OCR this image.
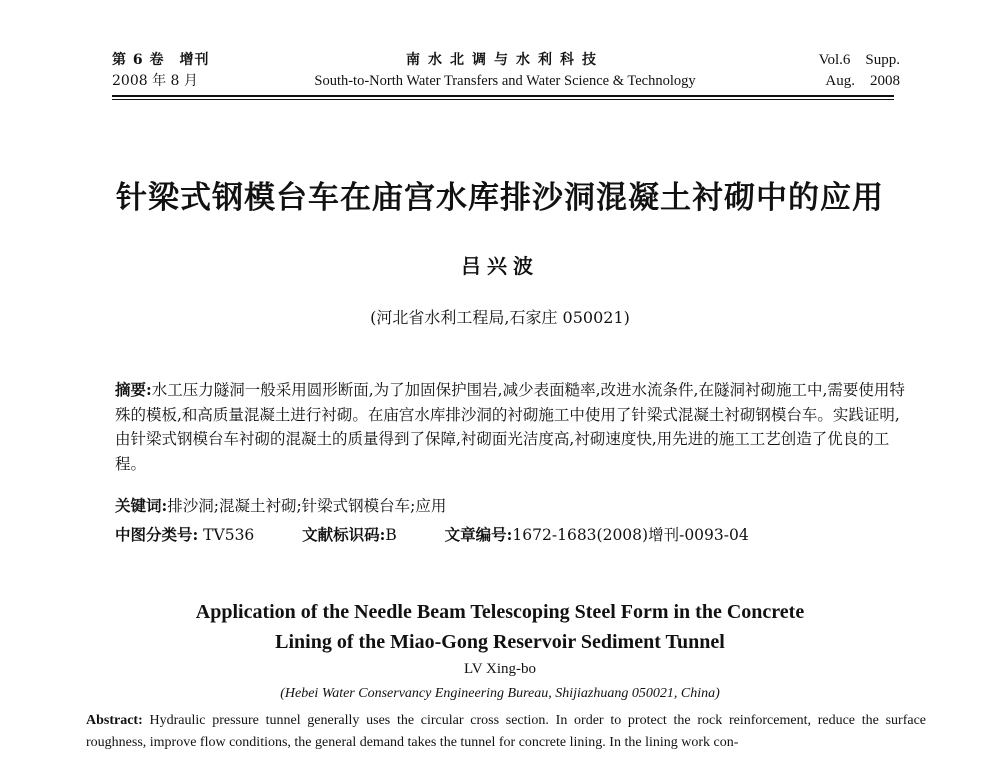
第 6 卷　增刊
2008 年 8 月
南水北调与水利科技
South-to-North Water Transfers and Water Science & Technology
Vol.6　Supp.
Aug.　2008
针梁式钢模台车在庙宫水库排沙洞混凝土衬砌中的应用
吕兴波
(河北省水利工程局,石家庄 050021)
摘要:水工压力隧洞一般采用圆形断面,为了加固保护围岩,减少表面糙率,改进水流条件,在隧洞衬砌施工中,需要使用特殊的模板,和高质量混凝土进行衬砌。在庙宫水库排沙洞的衬砌施工中使用了针梁式混凝土衬砌钢模台车。实践证明,由针梁式钢模台车衬砌的混凝土的质量得到了保障,衬砌面光洁度高,衬砌速度快,用先进的施工工艺创造了优良的工程。
关键词:排沙洞;混凝土衬砌;针梁式钢模台车;应用
中图分类号: TV536	文献标识码:B	文章编号:1672-1683(2008)增刊-0093-04
Application of the Needle Beam Telescoping Steel Form in the Concrete
Lining of the Miao-Gong Reservoir Sediment Tunnel
LV Xing-bo
(Hebei Water Conservancy Engineering Bureau, Shijiazhuang 050021, China)
Abstract: Hydraulic pressure tunnel generally uses the circular cross section. In order to protect the rock reinforcement, reduce the surface roughness, improve flow conditions, the general demand takes the tunnel for concrete lining. In the lining work con-
